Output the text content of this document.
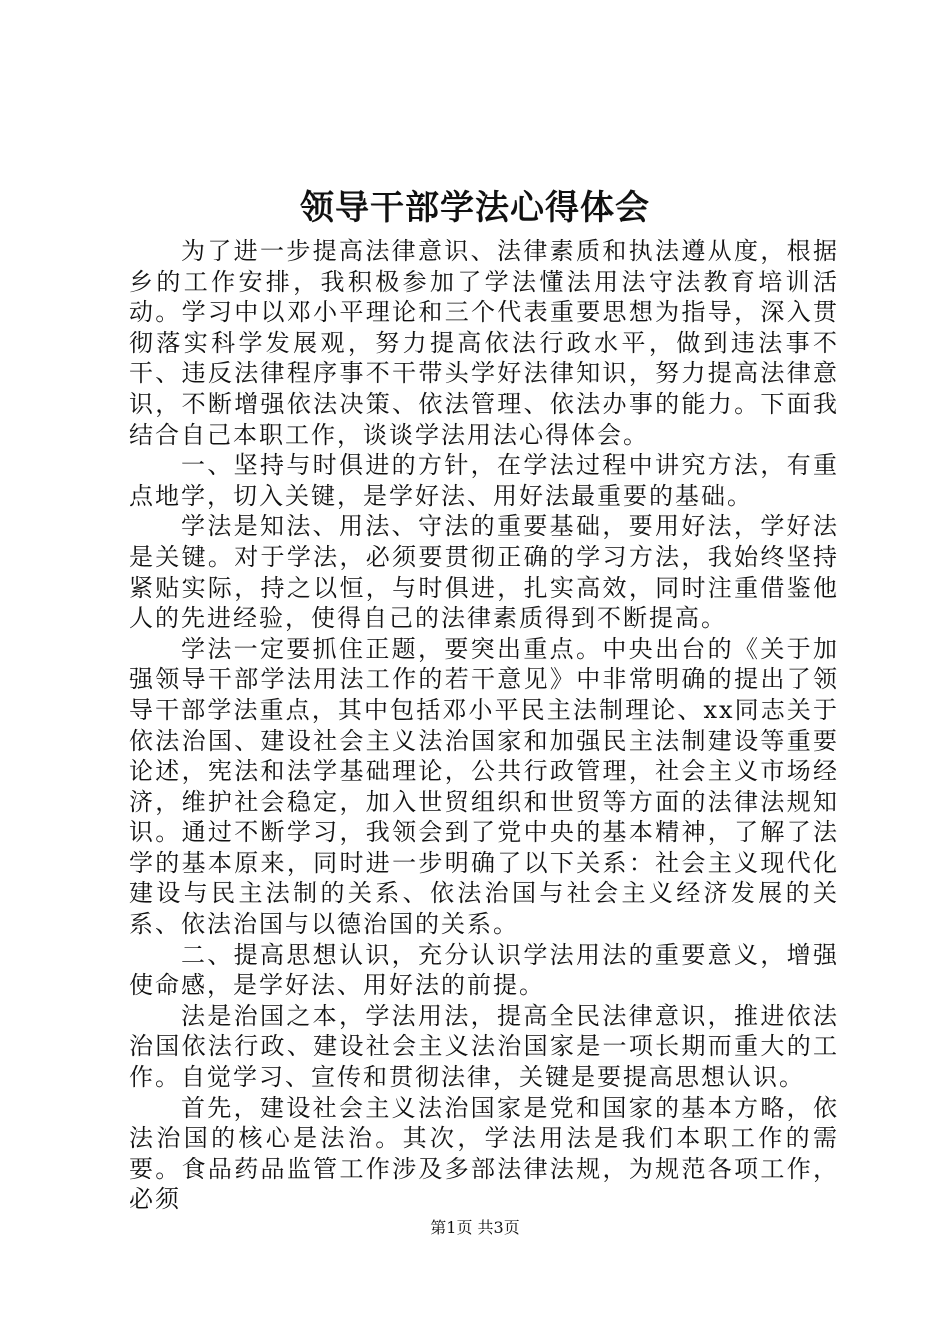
领导干部学法心得体会

为了进一步提高法律意识、法律素质和执法遵从度，根据乡的工作安排，我积极参加了学法懂法用法守法教育培训活动。学习中以邓小平理论和三个代表重要思想为指导，深入贯彻落实科学发展观，努力提高依法行政水平，做到违法事不干、违反法律程序事不干带头学好法律知识，努力提高法律意识，不断增强依法决策、依法管理、依法办事的能力。下面我结合自己本职工作，谈谈学法用法心得体会。

一、坚持与时俱进的方针，在学法过程中讲究方法，有重点地学，切入关键，是学好法、用好法最重要的基础。

学法是知法、用法、守法的重要基础，要用好法，学好法是关键。对于学法，必须要贯彻正确的学习方法，我始终坚持紧贴实际，持之以恒，与时俱进，扎实高效，同时注重借鉴他人的先进经验，使得自己的法律素质得到不断提高。

学法一定要抓住正题，要突出重点。中央出台的《关于加强领导干部学法用法工作的若干意见》中非常明确的提出了领导干部学法重点，其中包括邓小平民主法制理论、xx同志关于依法治国、建设社会主义法治国家和加强民主法制建设等重要论述，宪法和法学基础理论，公共行政管理，社会主义市场经济，维护社会稳定，加入世贸组织和世贸等方面的法律法规知识。通过不断学习，我领会到了党中央的基本精神，了解了法学的基本原来，同时进一步明确了以下关系：社会主义现代化建设与民主法制的关系、依法治国与社会主义经济发展的关系、依法治国与以德治国的关系。

二、提高思想认识，充分认识学法用法的重要意义，增强使命感，是学好法、用好法的前提。

法是治国之本，学法用法，提高全民法律意识，推进依法治国依法行政、建设社会主义法治国家是一项长期而重大的工作。自觉学习、宣传和贯彻法律，关键是要提高思想认识。

首先，建设社会主义法治国家是党和国家的基本方略，依法治国的核心是法治。其次，学法用法是我们本职工作的需要。食品药品监管工作涉及多部法律法规，为规范各项工作，必须

第1页 共3页
